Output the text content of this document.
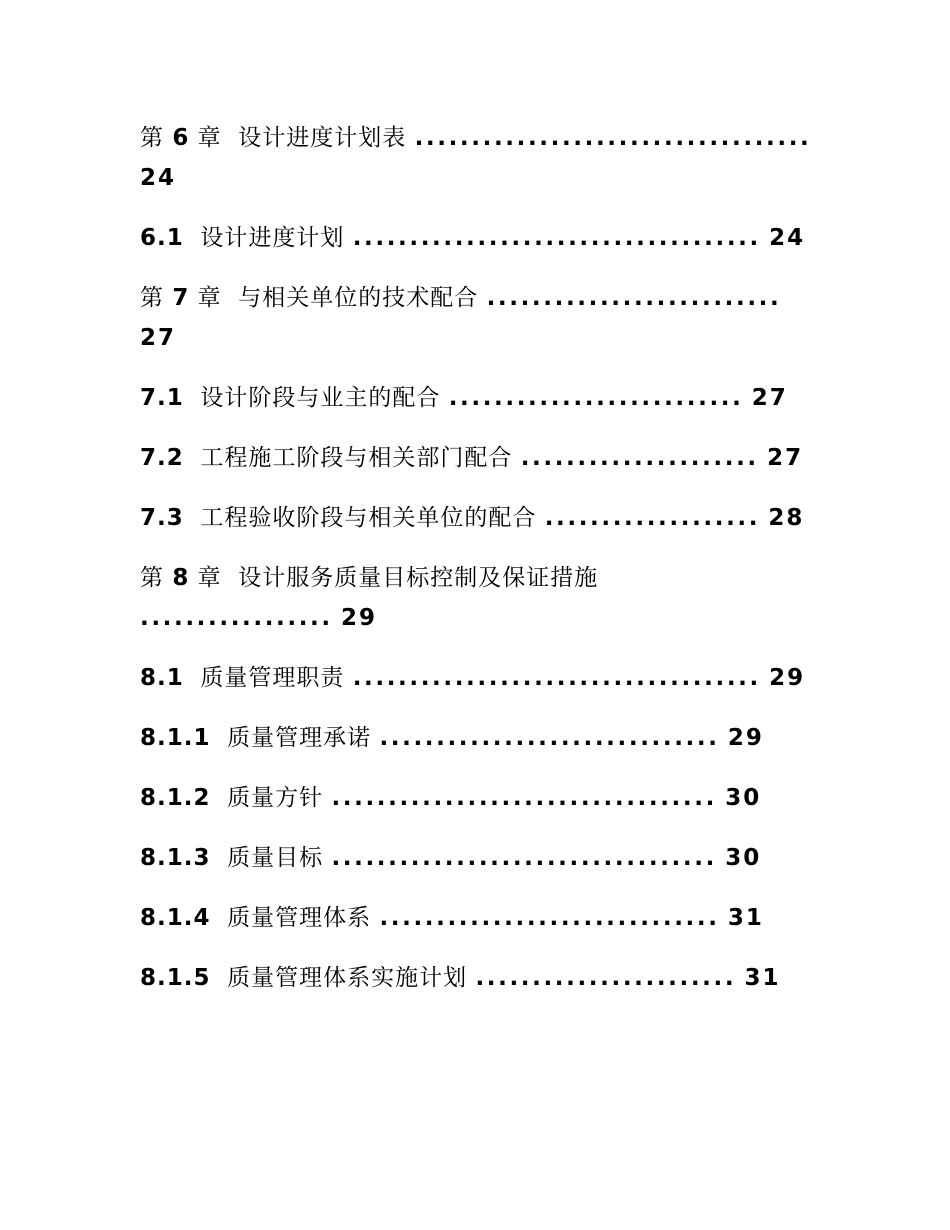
第 6 章 设计进度计划表 ................................... 24
6.1 设计进度计划 .................................... 24
第 7 章 与相关单位的技术配合 .......................... 27
7.1 设计阶段与业主的配合 .......................... 27
7.2 工程施工阶段与相关部门配合 ..................... 27
7.3 工程验收阶段与相关单位的配合 ................... 28
第 8 章 设计服务质量目标控制及保证措施
................. 29
8.1 质量管理职责 .................................... 29
8.1.1 质量管理承诺 .............................. 29
8.1.2 质量方针 .................................. 30
8.1.3 质量目标 .................................. 30
8.1.4 质量管理体系 .............................. 31
8.1.5 质量管理体系实施计划 ....................... 31
